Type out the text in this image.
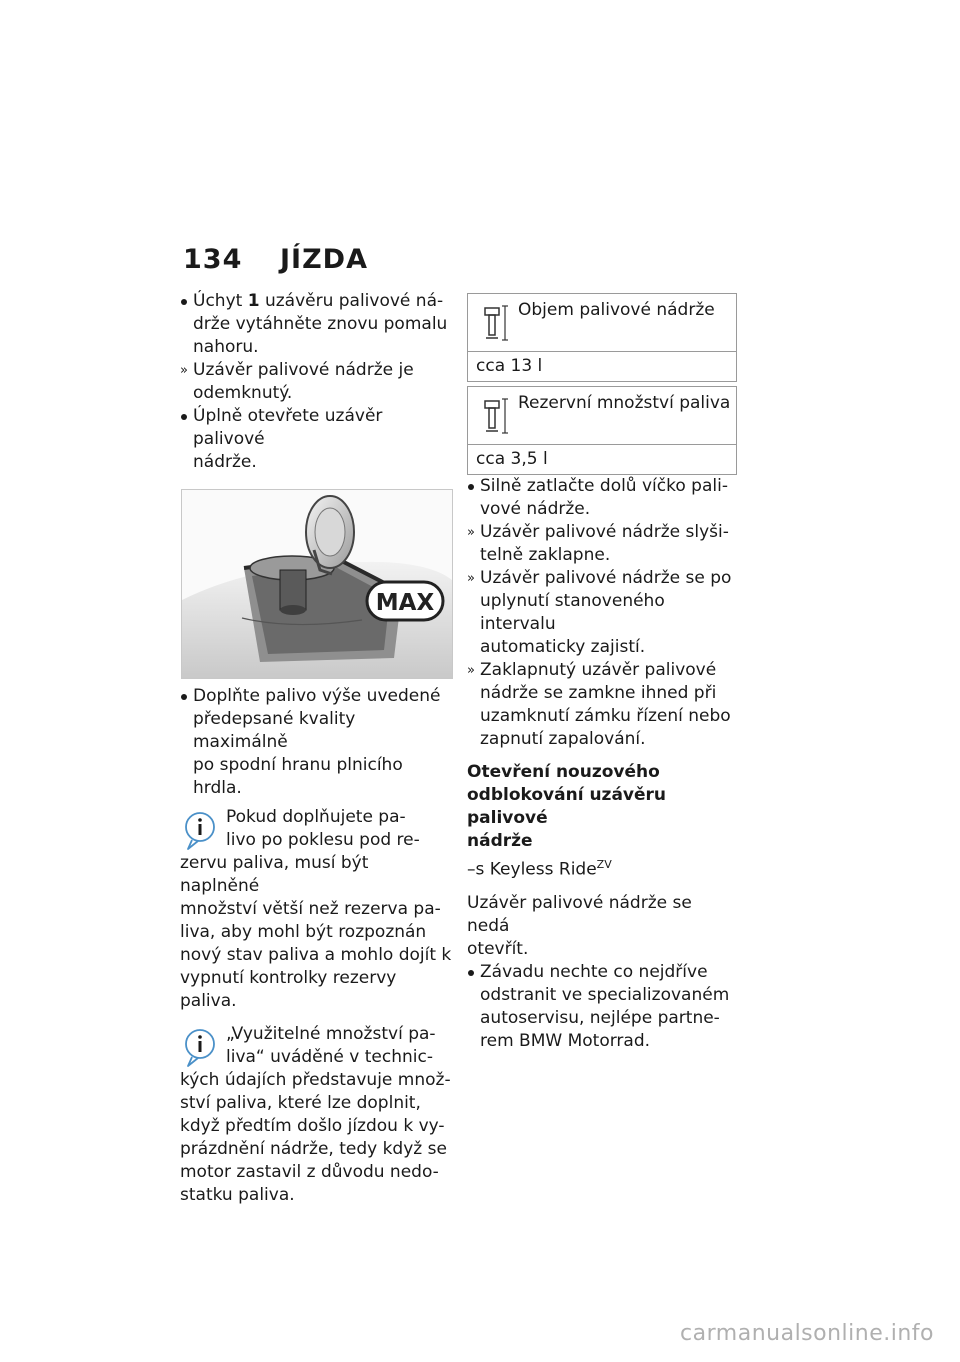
134 JÍZDA
Úchyt 1 uzávěru palivové ná-
drže vytáhněte znovu pomalu
nahoru.
» Uzávěr palivové nádrže je
odemknutý.
Úplně otevřete uzávěr palivové
nádrže.
MAX
Doplňte palivo výše uvedené
předepsané kvality maximálně
po spodní hranu plnicího
hrdla.
Pokud doplňujete pa-
livo po poklesu pod re-
zervu paliva, musí být naplněné
množství větší než rezerva pa-
liva, aby mohl být rozpoznán
nový stav paliva a mohlo dojít k
vypnutí kontrolky rezervy paliva.
„Využitelné množství pa-
liva“ uváděné v technic-
kých údajích představuje množ-
ství paliva, které lze doplnit,
když předtím došlo jízdou k vy-
prázdnění nádrže, tedy když se
motor zastavil z důvodu nedo-
statku paliva.
Objem palivové nádrže
cca 13 l
Rezervní množství paliva
cca 3,5 l
Silně zatlačte dolů víčko pali-
vové nádrže.
» Uzávěr palivové nádrže slyši-
telně zaklapne.
» Uzávěr palivové nádrže se po
uplynutí stanoveného intervalu
automaticky zajistí.
» Zaklapnutý uzávěr palivové
nádrže se zamkne ihned při
uzamknutí zámku řízení nebo
zapnutí zapalování.
Otevření nouzového
odblokování uzávěru palivové
nádrže
–s Keyless Ride$^{ZV}$
Uzávěr palivové nádrže se nedá
otevřít.
Závadu nechte co nejdříve
odstranit ve specializovaném
autoservisu, nejlépe partne-
rem BMW Motorrad.
carmanualsonline.info
